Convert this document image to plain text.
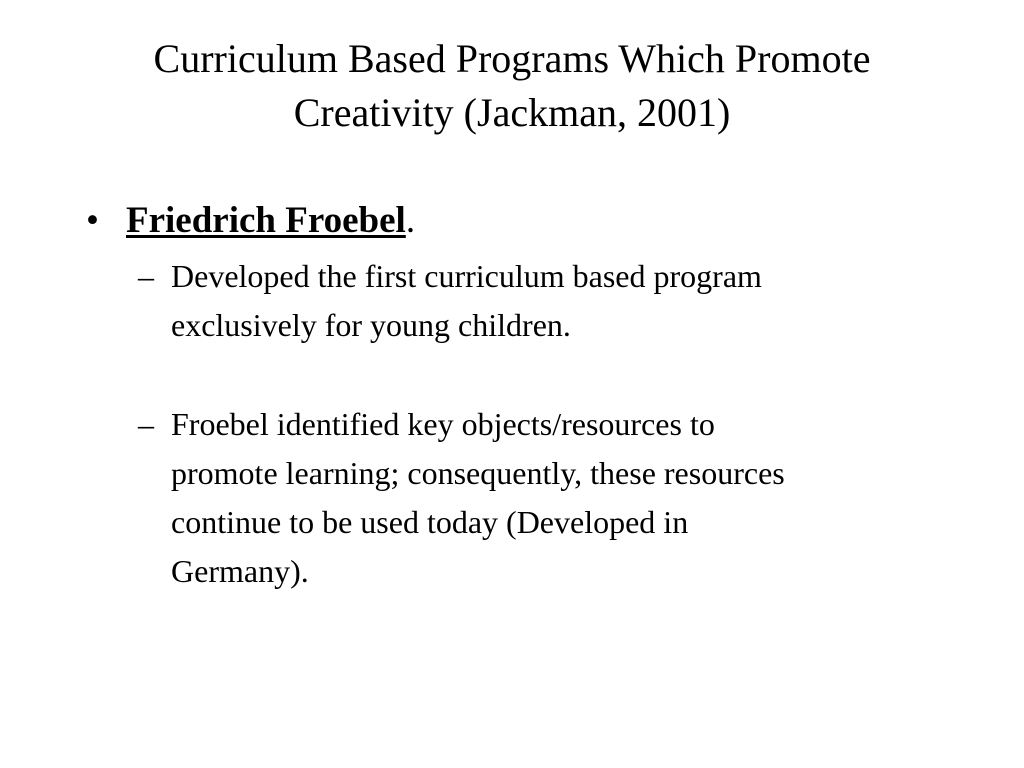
Curriculum Based Programs Which Promote
Creativity (Jackman, 2001)
• Friedrich Froebel.
– Developed the first curriculum based program
exclusively for young children.
– Froebel identified key objects/resources to
promote learning; consequently, these resources
continue to be used today (Developed in
Germany).
